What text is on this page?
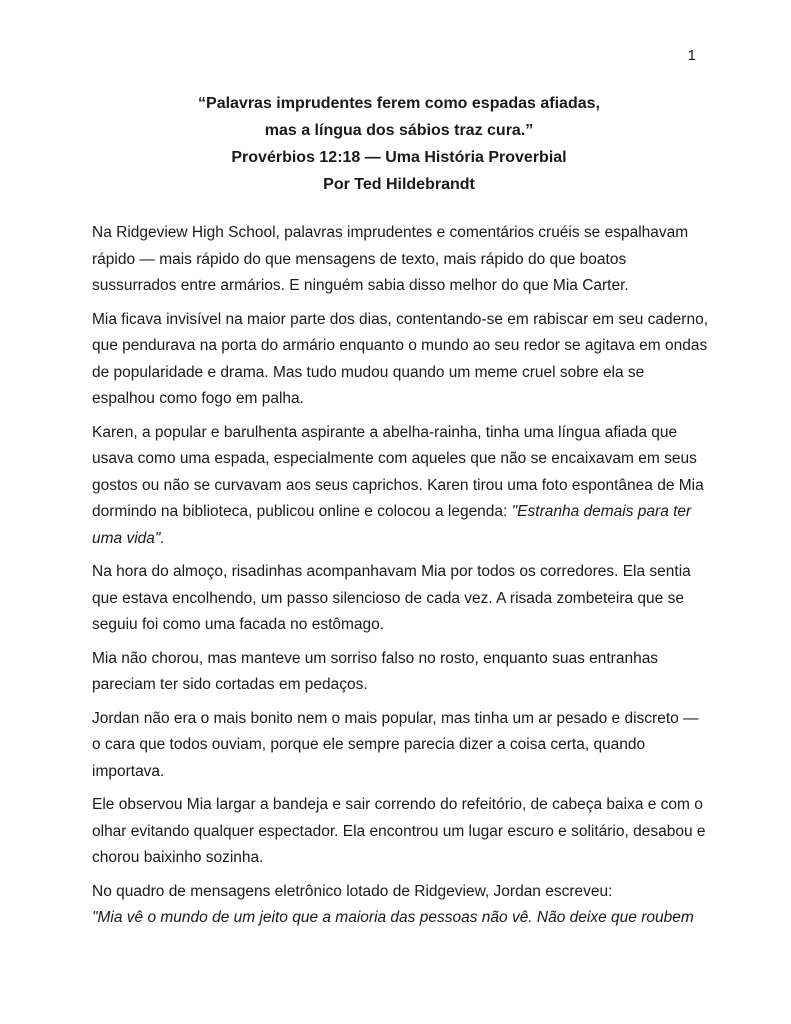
1
“Palavras imprudentes ferem como espadas afiadas,
mas a língua dos sábios traz cura.”
Provérbios 12:18 — Uma História Proverbial
Por Ted Hildebrandt

Na Ridgeview High School, palavras imprudentes e comentários cruéis se espalhavam rápido — mais rápido do que mensagens de texto, mais rápido do que boatos sussurrados entre armários. E ninguém sabia disso melhor do que Mia Carter.

Mia ficava invisível na maior parte dos dias, contentando-se em rabiscar em seu caderno, que pendurava na porta do armário enquanto o mundo ao seu redor se agitava em ondas de popularidade e drama. Mas tudo mudou quando um meme cruel sobre ela se espalhou como fogo em palha.

Karen, a popular e barulhenta aspirante a abelha-rainha, tinha uma língua afiada que usava como uma espada, especialmente com aqueles que não se encaixavam em seus gostos ou não se curvavam aos seus caprichos. Karen tirou uma foto espontânea de Mia dormindo na biblioteca, publicou online e colocou a legenda: "Estranha demais para ter uma vida".

Na hora do almoço, risadinhas acompanhavam Mia por todos os corredores. Ela sentia que estava encolhendo, um passo silencioso de cada vez. A risada zombeteira que se seguiu foi como uma facada no estômago.

Mia não chorou, mas manteve um sorriso falso no rosto, enquanto suas entranhas pareciam ter sido cortadas em pedaços.

Jordan não era o mais bonito nem o mais popular, mas tinha um ar pesado e discreto — o cara que todos ouviam, porque ele sempre parecia dizer a coisa certa, quando importava.

Ele observou Mia largar a bandeja e sair correndo do refeitório, de cabeça baixa e com o olhar evitando qualquer espectador. Ela encontrou um lugar escuro e solitário, desabou e chorou baixinho sozinha.

No quadro de mensagens eletrônico lotado de Ridgeview, Jordan escreveu:
"Mia vê o mundo de um jeito que a maioria das pessoas não vê. Não deixe que roubem
